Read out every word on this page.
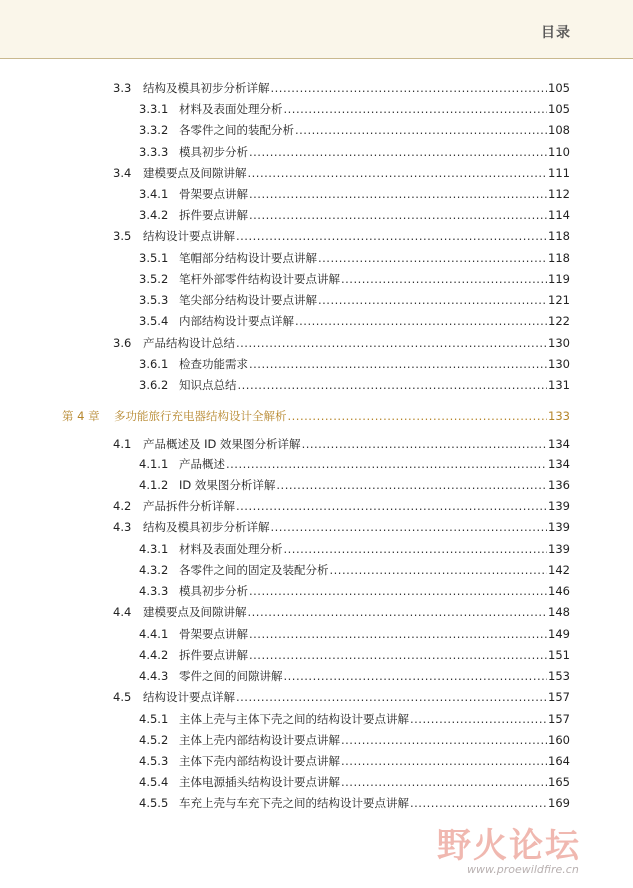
目录
3.3	结构及模具初步分析详解 .....	105
3.3.1 材料及表面处理分析 .....	105
3.3.2 各零件之间的装配分析 .....	108
3.3.3 模具初步分析 .....	110
3.4	建模要点及间隙讲解 .....	111
3.4.1 骨架要点讲解 .....	112
3.4.2 拆件要点讲解 .....	114
3.5	结构设计要点讲解 .....	118
3.5.1 笔帽部分结构设计要点讲解 .....	118
3.5.2 笔杆外部零件结构设计要点讲解 .....	119
3.5.3 笔尖部分结构设计要点讲解 .....	121
3.5.4 内部结构设计要点详解 .....	122
3.6	产品结构设计总结 .....	130
3.6.1 检查功能需求 .....	130
3.6.2 知识点总结 .....	131
第 4 章	多功能旅行充电器结构设计全解析 .....	133
4.1	产品概述及 ID 效果图分析详解 .....	134
4.1.1 产品概述 .....	134
4.1.2 ID 效果图分析详解 .....	136
4.2	产品拆件分析详解 .....	139
4.3	结构及模具初步分析详解 .....	139
4.3.1 材料及表面处理分析 .....	139
4.3.2 各零件之间的固定及装配分析 .....	142
4.3.3 模具初步分析 .....	146
4.4	建模要点及间隙讲解 .....	148
4.4.1 骨架要点讲解 .....	149
4.4.2 拆件要点讲解 .....	151
4.4.3 零件之间的间隙讲解 .....	153
4.5	结构设计要点详解 .....	157
4.5.1 主体上壳与主体下壳之间的结构设计要点讲解 .....	157
4.5.2 主体上壳内部结构设计要点讲解 .....	160
4.5.3 主体下壳内部结构设计要点讲解 .....	164
4.5.4 主体电源插头结构设计要点讲解 .....	165
4.5.5 车充上壳与车充下壳之间的结构设计要点讲解 .....	169
野火论坛
www.proewildfire.cn
